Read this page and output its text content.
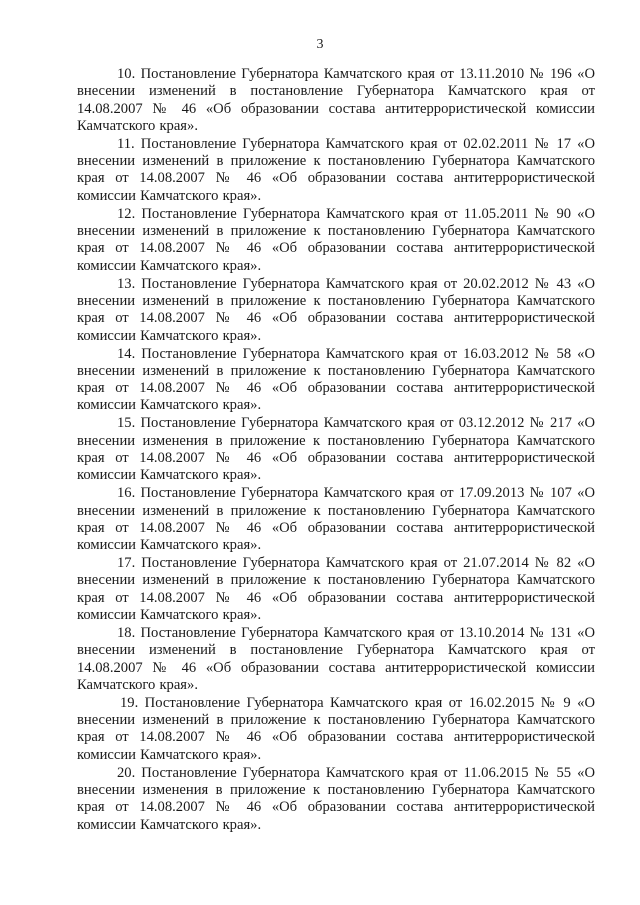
3

10. Постановление Губернатора Камчатского края от 13.11.2010 № 196 «О внесении изменений в постановление Губернатора Камчатского края от 14.08.2007 № 46 «Об образовании состава антитеррористической комиссии Камчатского края».

11. Постановление Губернатора Камчатского края от 02.02.2011 № 17 «О внесении изменений в приложение к постановлению Губернатора Камчатского края от 14.08.2007 № 46 «Об образовании состава антитеррористической комиссии Камчатского края».

12. Постановление Губернатора Камчатского края от 11.05.2011 № 90 «О внесении изменений в приложение к постановлению Губернатора Камчатского края от 14.08.2007 № 46 «Об образовании состава антитеррористической комиссии Камчатского края».

13. Постановление Губернатора Камчатского края от 20.02.2012 № 43 «О внесении изменений в приложение к постановлению Губернатора Камчатского края от 14.08.2007 № 46 «Об образовании состава антитеррористической комиссии Камчатского края».

14. Постановление Губернатора Камчатского края от 16.03.2012 № 58 «О внесении изменений в приложение к постановлению Губернатора Камчатского края от 14.08.2007 № 46 «Об образовании состава антитеррористической комиссии Камчатского края».

15. Постановление Губернатора Камчатского края от 03.12.2012 № 217 «О внесении изменения в приложение к постановлению Губернатора Камчатского края от 14.08.2007 № 46 «Об образовании состава антитеррористической комиссии Камчатского края».

16. Постановление Губернатора Камчатского края от 17.09.2013 № 107 «О внесении изменений в приложение к постановлению Губернатора Камчатского края от 14.08.2007 № 46 «Об образовании состава антитеррористической комиссии Камчатского края».

17. Постановление Губернатора Камчатского края от 21.07.2014 № 82 «О внесении изменений в приложение к постановлению Губернатора Камчатского края от 14.08.2007 № 46 «Об образовании состава антитеррористической комиссии Камчатского края».

18. Постановление Губернатора Камчатского края от 13.10.2014 № 131 «О внесении изменений в постановление Губернатора Камчатского края от 14.08.2007 № 46 «Об образовании состава антитеррористической комиссии Камчатского края».

19. Постановление Губернатора Камчатского края от 16.02.2015 № 9 «О внесении изменений в приложение к постановлению Губернатора Камчатского края от 14.08.2007 № 46 «Об образовании состава антитеррористической комиссии Камчатского края».

20. Постановление Губернатора Камчатского края от 11.06.2015 № 55 «О внесении изменения в приложение к постановлению Губернатора Камчатского края от 14.08.2007 № 46 «Об образовании состава антитеррористической комиссии Камчатского края».
